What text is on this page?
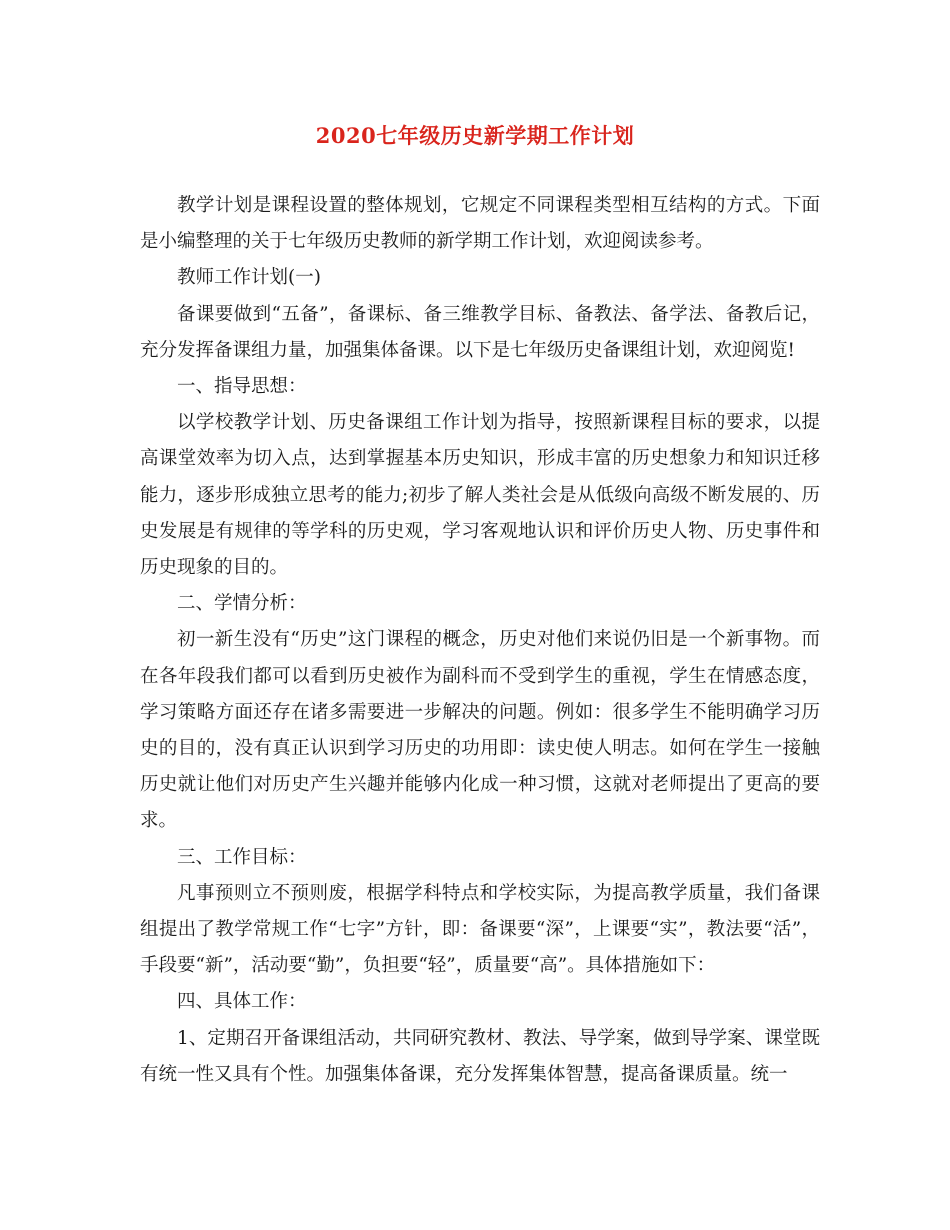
2020七年级历史新学期工作计划

教学计划是课程设置的整体规划，它规定不同课程类型相互结构的方式。下面是小编整理的关于七年级历史教师的新学期工作计划，欢迎阅读参考。

教师工作计划(一)

备课要做到“五备”，备课标、备三维教学目标、备教法、备学法、备教后记，充分发挥备课组力量，加强集体备课。以下是七年级历史备课组计划，欢迎阅览!

一、指导思想：

以学校教学计划、历史备课组工作计划为指导，按照新课程目标的要求，以提高课堂效率为切入点，达到掌握基本历史知识，形成丰富的历史想象力和知识迁移能力，逐步形成独立思考的能力;初步了解人类社会是从低级向高级不断发展的、历史发展是有规律的等学科的历史观，学习客观地认识和评价历史人物、历史事件和历史现象的目的。

二、学情分析：

初一新生没有“历史”这门课程的概念，历史对他们来说仍旧是一个新事物。而在各年段我们都可以看到历史被作为副科而不受到学生的重视，学生在情感态度，学习策略方面还存在诸多需要进一步解决的问题。例如：很多学生不能明确学习历史的目的，没有真正认识到学习历史的功用即：读史使人明志。如何在学生一接触历史就让他们对历史产生兴趣并能够内化成一种习惯，这就对老师提出了更高的要求。

三、工作目标：

凡事预则立不预则废，根据学科特点和学校实际，为提高教学质量，我们备课组提出了教学常规工作“七字”方针，即：备课要“深”，上课要“实”，教法要“活”，手段要“新”，活动要“勤”，负担要“轻”，质量要“高”。具体措施如下：

四、具体工作：

1、定期召开备课组活动，共同研究教材、教法、导学案，做到导学案、课堂既有统一性又具有个性。加强集体备课，充分发挥集体智慧，提高备课质量。统一
